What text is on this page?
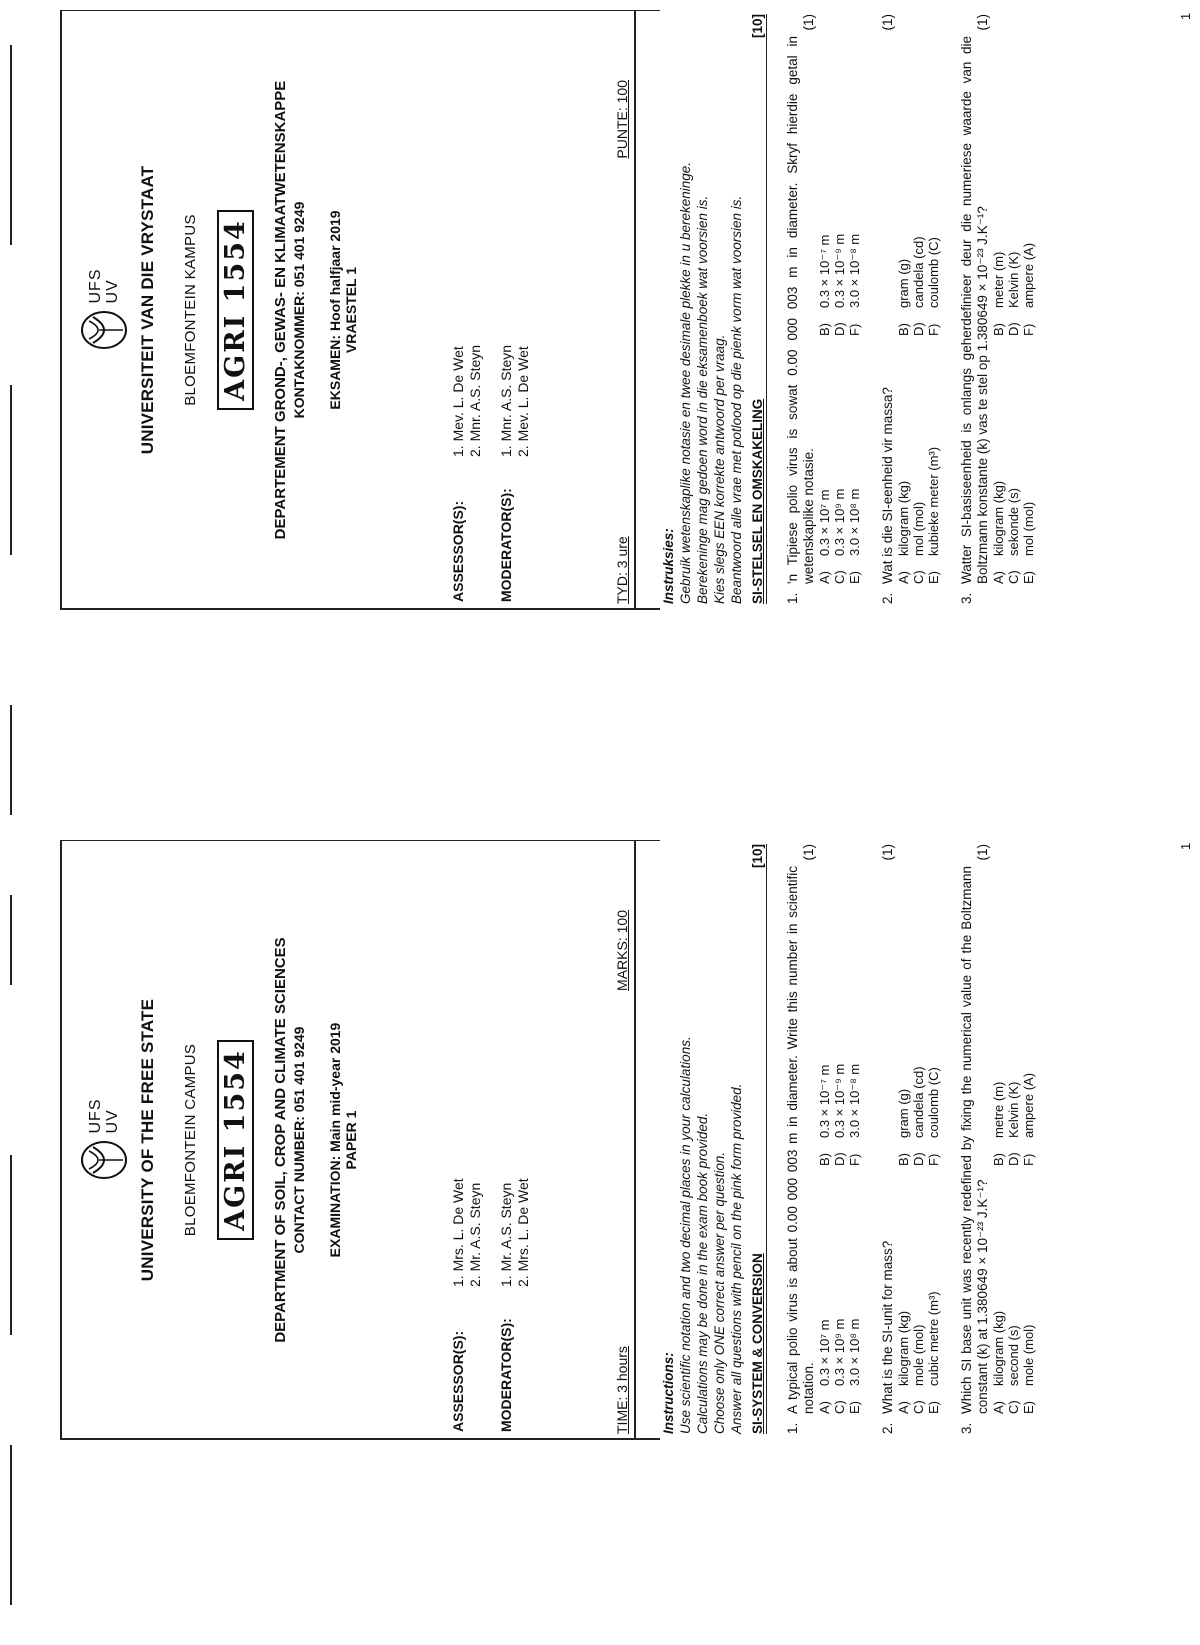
UFS UV UNIVERSITY OF THE FREE STATE BLOEMFONTEIN CAMPUS AGRI 1554 DEPARTMENT OF SOIL, CROP AND CLIMATE SCIENCES CONTACT NUMBER: 051 401 9249 EXAMINATION: Main mid-year 2019 PAPER 1
ASSESSOR(S):
1. Mrs. L. De Wet 2. Mr. A.S. Steyn
MODERATOR(S):
1. Mr. A.S. Steyn 2. Mrs. L. De Wet
TIME: 3 hours
MARKS: 100
Instructions: Use scientific notation and two decimal places in your calculations. Calculations may be done in the exam book provided. Choose only ONE correct answer per question. Answer all questions with pencil on the pink form provided. SI-SYSTEM & CONVERSION
[10]
1.
A typical polio virus is about 0.00 000 003 m in diameter. Write this number in scientific notation.
(1)
A)
0.3 × 10⁷ m
B)
0.3 × 10⁻⁷ m
C)
0.3 × 10⁹ m
D)
0.3 × 10⁻⁹ m
E)
3.0 × 10⁸ m
F)
3.0 × 10⁻⁸ m
2.
What is the SI-unit for mass?
(1)
A)
kilogram (kg)
B)
gram (g)
C)
mole (mol)
D)
candela (cd)
E)
cubic metre (m³)
F)
coulomb (C)
3.
Which SI base unit was recently redefined by fixing the numerical value of the Boltzmann constant (k) at 1.380649 × 10⁻²³ J.K⁻¹?
(1)
A)
kilogram (kg)
B)
metre (m)
C)
second (s)
D)
Kelvin (K)
E)
mole (mol)
F)
ampere (A)
1
UFS UV UNIVERSITEIT VAN DIE VRYSTAAT BLOEMFONTEIN KAMPUS AGRI 1554 DEPARTEMENT GROND-, GEWAS- EN KLIMAATWETENSKAPPE KONTAKNOMMER: 051 401 9249 EKSAMEN: Hoof halfjaar 2019 VRAESTEL 1
ASSESSOR(S):
1. Mev. L. De Wet 2. Mnr. A.S. Steyn
MODERATOR(S):
1. Mnr. A.S. Steyn 2. Mev. L. De Wet
TYD: 3 ure
PUNTE: 100
Instruksies: Gebruik wetenskaplike notasie en twee desimale plekke in u berekeninge. Berekeninge mag gedoen word in die eksamenboek wat voorsien is. Kies slegs EEN korrekte antwoord per vraag. Beantwoord alle vrae met potlood op die pienk vorm wat voorsien is. SI-STELSEL EN OMSKAKELING
[10]
1.
'n Tipiese polio virus is sowat 0.00 000 003 m in diameter. Skryf hierdie getal in wetenskaplike notasie.
(1)
A)
0.3 × 10⁷ m
B)
0.3 × 10⁻⁷ m
C)
0.3 × 10⁹ m
D)
0.3 × 10⁻⁹ m
E)
3.0 × 10⁸ m
F)
3.0 × 10⁻⁸ m
2.
Wat is die SI-eenheid vir massa?
(1)
A)
kilogram (kg)
B)
gram (g)
C)
mol (mol)
D)
candela (cd)
E)
kubieke meter (m³)
F)
coulomb (C)
3.
Watter SI-basiseenheid is onlangs geherdefinieer deur die numeriese waarde van die Boltzmann konstante (k) vas te stel op 1.380649 × 10⁻²³ J.K⁻¹?
(1)
A)
kilogram (kg)
B)
meter (m)
C)
sekonde (s)
D)
Kelvin (K)
E)
mol (mol)
F)
ampere (A)
1
